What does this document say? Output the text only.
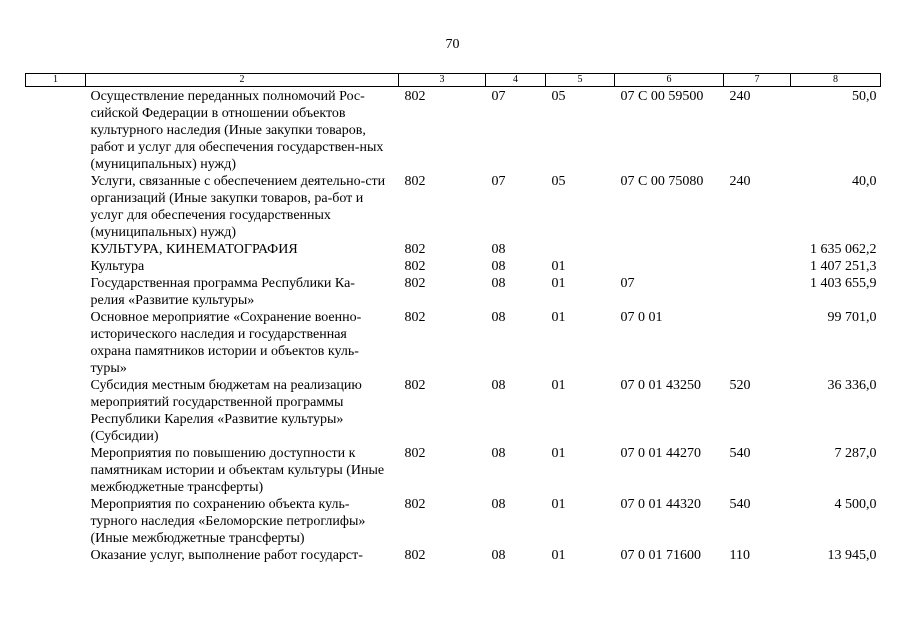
70
1	2	3	4	5	6	7	8
	Осуществление переданных полномочий Рос-сийской Федерации в отношении объектов культурного наследия (Иные закупки товаров, работ и услуг для обеспечения государствен-ных (муниципальных) нужд)	802	07	05	07 С 00 59500	240	50,0
	Услуги, связанные с обеспечением деятельно-сти организаций (Иные закупки товаров, ра-бот и услуг для обеспечения государственных (муниципальных) нужд)	802	07	05	07 С 00 75080	240	40,0
	КУЛЬТУРА, КИНЕМАТОГРАФИЯ	802	08				1 635 062,2
	Культура	802	08	01			1 407 251,3
	Государственная программа Республики Ка-релия «Развитие культуры»	802	08	01	07		1 403 655,9
	Основное мероприятие «Сохранение военно-исторического наследия и государственная охрана памятников истории и объектов куль-туры»	802	08	01	07 0 01		99 701,0
	Субсидия местным бюджетам на реализацию мероприятий государственной программы Республики Карелия «Развитие культуры» (Субсидии)	802	08	01	07 0 01 43250	520	36 336,0
	Мероприятия по повышению доступности к памятникам истории и объектам культуры (Иные межбюджетные трансферты)	802	08	01	07 0 01 44270	540	7 287,0
	Мероприятия по сохранению объекта куль-турного наследия «Беломорские петроглифы» (Иные межбюджетные трансферты)	802	08	01	07 0 01 44320	540	4 500,0
	Оказание услуг, выполнение работ государст-	802	08	01	07 0 01 71600	110	13 945,0
